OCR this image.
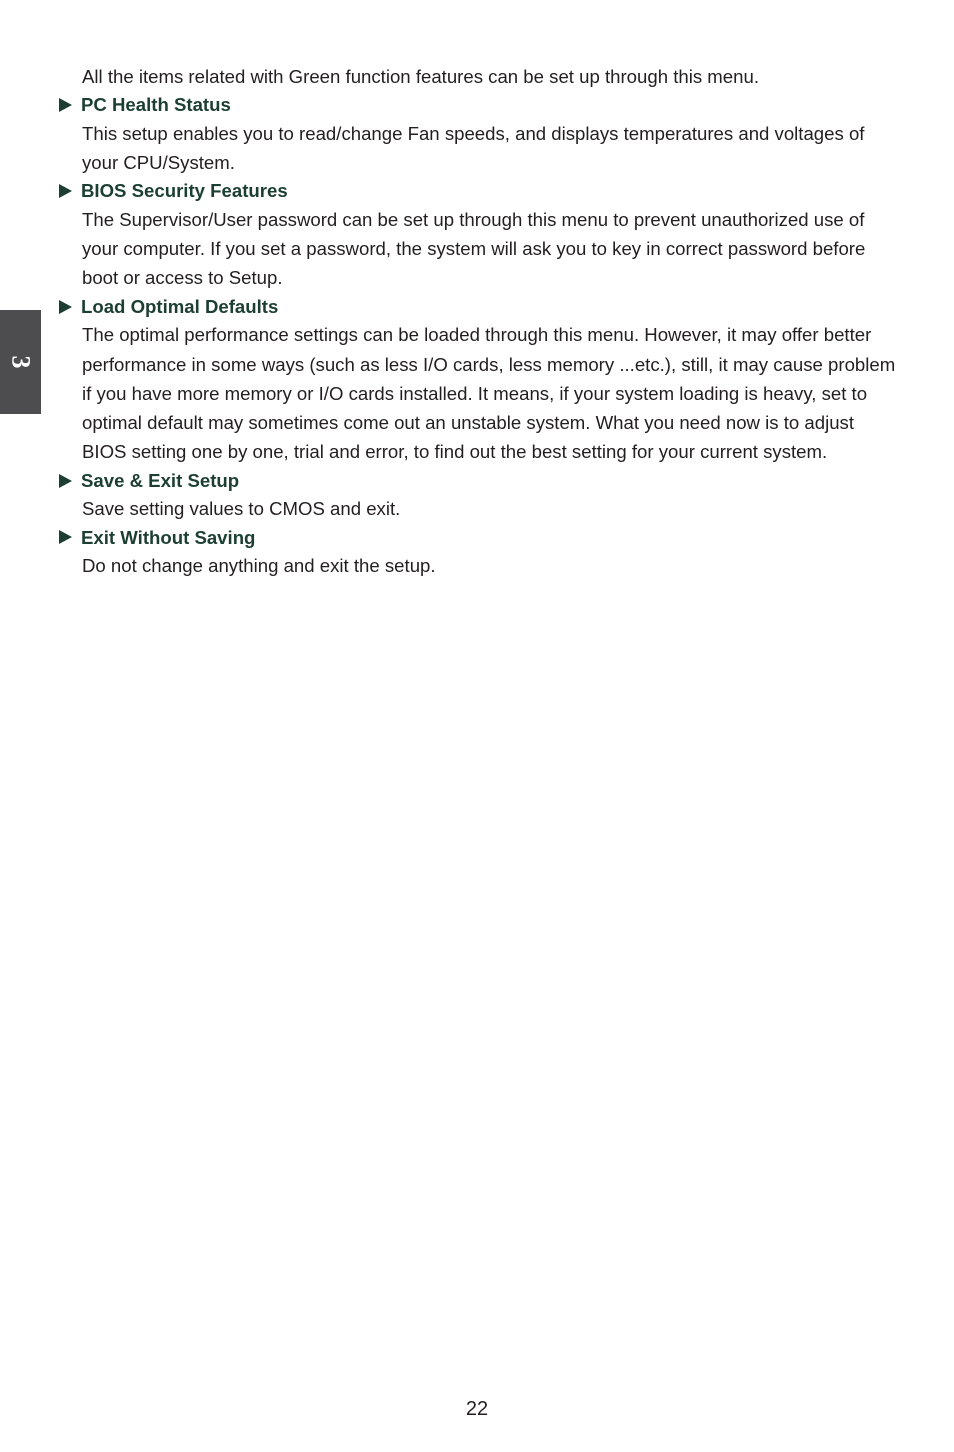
3

All the items related with Green function features can be set up through this menu.

PC Health Status

This setup enables you to read/change Fan speeds, and displays temperatures and voltages of your CPU/System.

BIOS Security Features

The Supervisor/User password can be set up through this menu to prevent unauthorized use of your computer. If you set a password, the system will ask you to key in correct password before boot or access to Setup.

Load Optimal Defaults

The optimal performance settings can be loaded through this menu. However, it may offer better performance in some ways (such as less I/O cards, less memory ...etc.), still, it may cause problem if you have more memory or I/O cards installed. It means, if your system loading is heavy, set to optimal default may sometimes come out an unstable system. What you need now is to adjust BIOS setting one by one, trial and error, to find out the best setting for your current system.

Save & Exit Setup

Save setting values to CMOS and exit.

Exit Without Saving

Do not change anything and exit the setup.

22
